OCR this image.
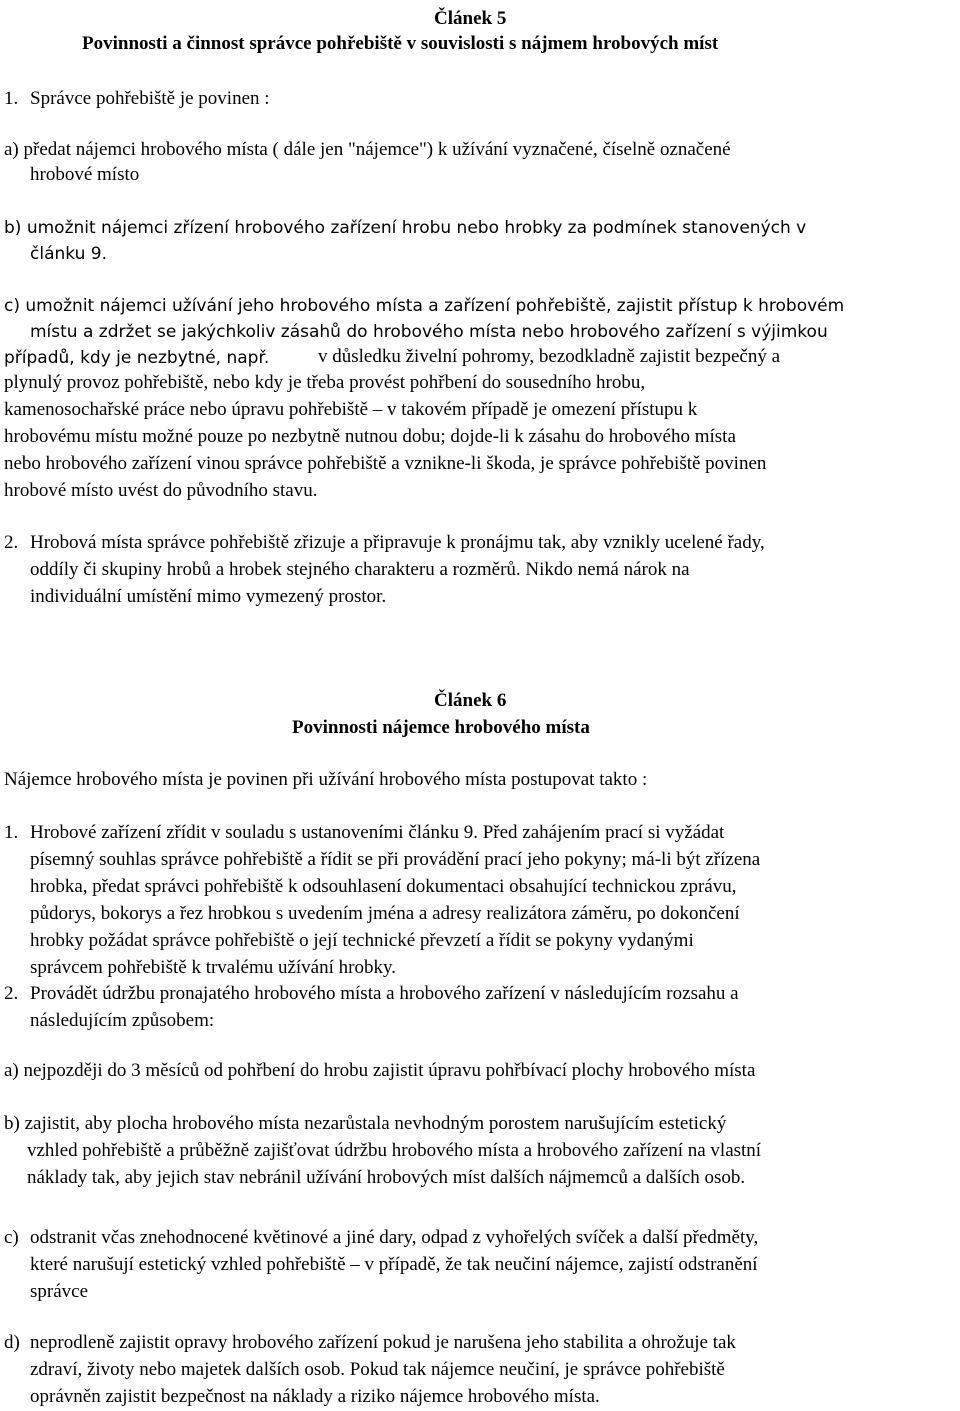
Článek 5
Povinnosti a činnost správce pohřebiště v souvislosti s nájmem hrobových míst
1. Správce pohřebiště je povinen :
a) předat nájemci hrobového místa ( dále jen "nájemce") k užívání vyznačené, číselně označené
hrobové místo
b) umožnit nájemci zřízení hrobového zařízení hrobu nebo hrobky za podmínek stanovených v
článku 9.
c) umožnit nájemci užívání jeho hrobového místa a zařízení pohřebiště, zajistit přístup k hrobovém
místu a zdržet se jakýchkoliv zásahů do hrobového místa nebo hrobového zařízení s výjimkou
případů, kdy je nezbytné, např.	v důsledku živelní pohromy, bezodkladně zajistit bezpečný a
plynulý provoz pohřebiště, nebo kdy je třeba provést pohřbení do sousedního hrobu,
kamenosochařské práce nebo úpravu pohřebiště – v takovém případě je omezení přístupu k
hrobovému místu možné pouze po nezbytně nutnou dobu; dojde-li k zásahu do hrobového místa
nebo hrobového zařízení vinou správce pohřebiště a vznikne-li škoda, je správce pohřebiště povinen
hrobové místo uvést do původního stavu.
2. Hrobová místa správce pohřebiště zřizuje a připravuje k pronájmu tak, aby vznikly ucelené řady,
oddíly či skupiny hrobů a hrobek stejného charakteru a rozměrů. Nikdo nemá nárok na
individuální umístění mimo vymezený prostor.
Článek 6
Povinnosti nájemce hrobového místa
Nájemce hrobového místa je povinen při užívání hrobového místa postupovat takto :
1. Hrobové zařízení zřídit v souladu s ustanoveními článku 9. Před zahájením prací si vyžádat
písemný souhlas správce pohřebiště a řídit se při provádění prací jeho pokyny; má-li být zřízena
hrobka, předat správci pohřebiště k odsouhlasení dokumentaci obsahující technickou zprávu,
půdorys, bokorys a řez hrobkou s uvedením jména a adresy realizátora záměru, po dokončení
hrobky požádat správce pohřebiště o její technické převzetí a řídit se pokyny vydanými
správcem pohřebiště k trvalému užívání hrobky.
2. Provádět údržbu pronajatého hrobového místa a hrobového zařízení v následujícím rozsahu a
následujícím způsobem:
a) nejpozději do 3 měsíců od pohřbení do hrobu zajistit úpravu pohřbívací plochy hrobového místa
b) zajistit, aby plocha hrobového místa nezarůstala nevhodným porostem narušujícím estetický
vzhled pohřebiště a průběžně zajišťovat údržbu hrobového místa a hrobového zařízení na vlastní
náklady tak, aby jejich stav nebránil užívání hrobových míst dalších nájmemců a dalších osob.
c) odstranit včas znehodnocené květinové a jiné dary, odpad z vyhořelých svíček a další předměty,
které narušují estetický vzhled pohřebiště – v případě, že tak neučiní nájemce, zajistí odstranění
správce
d) neprodleně zajistit opravy hrobového zařízení pokud je narušena jeho stabilita a ohrožuje tak
zdraví, životy nebo majetek dalších osob. Pokud tak nájemce neučiní, je správce pohřebiště
oprávněn zajistit bezpečnost na náklady a riziko nájemce hrobového místa.
